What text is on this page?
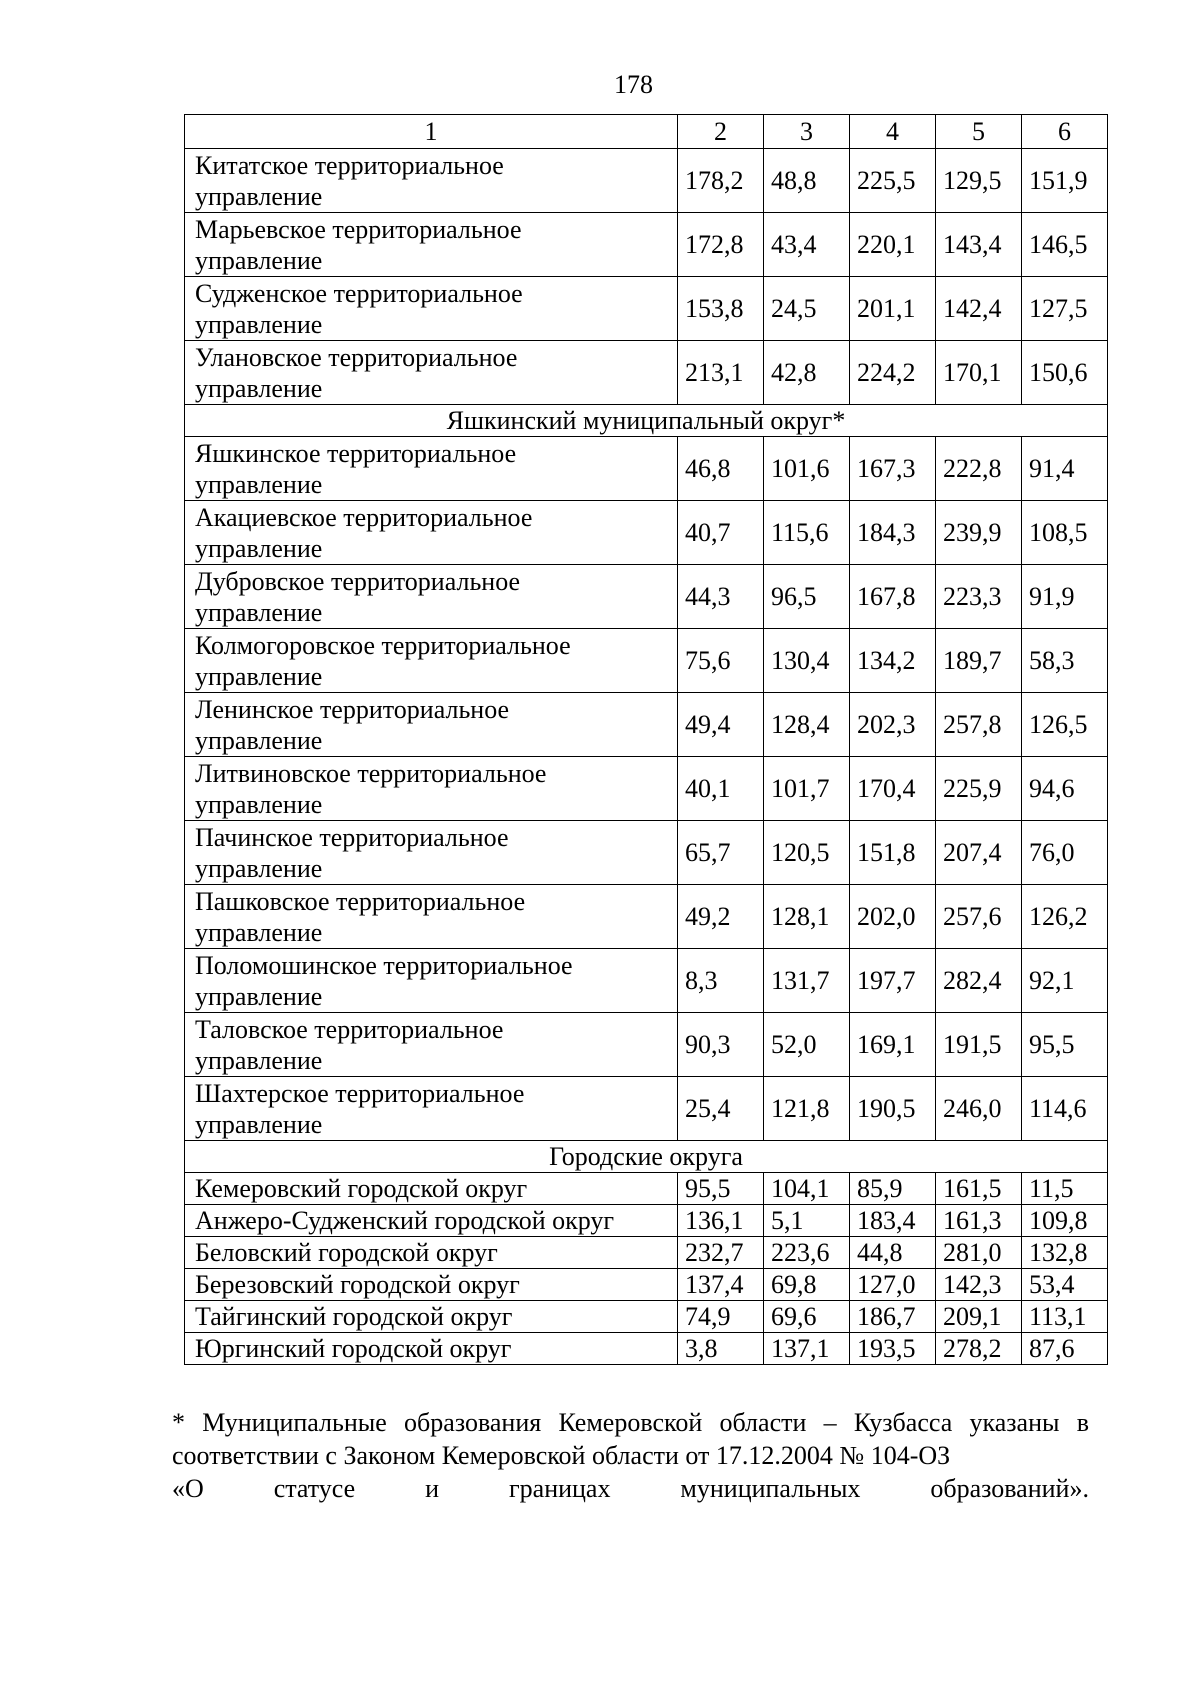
178
1	2	3	4	5	6
Китатское территориальное
управление	178,2	48,8	225,5	129,5	151,9
Марьевское территориальное
управление	172,8	43,4	220,1	143,4	146,5
Судженское территориальное
управление	153,8	24,5	201,1	142,4	127,5
Улановское территориальное
управление	213,1	42,8	224,2	170,1	150,6
Яшкинский муниципальный округ*					
Яшкинское территориальное
управление	46,8	101,6	167,3	222,8	91,4
Акациевское территориальное
управление	40,7	115,6	184,3	239,9	108,5
Дубровское территориальное
управление	44,3	96,5	167,8	223,3	91,9
Колмогоровское территориальное
управление	75,6	130,4	134,2	189,7	58,3
Ленинское территориальное
управление	49,4	128,4	202,3	257,8	126,5
Литвиновское территориальное
управление	40,1	101,7	170,4	225,9	94,6
Пачинское территориальное
управление	65,7	120,5	151,8	207,4	76,0
Пашковское территориальное
управление	49,2	128,1	202,0	257,6	126,2
Поломошинское территориальное
управление	8,3	131,7	197,7	282,4	92,1
Таловское территориальное
управление	90,3	52,0	169,1	191,5	95,5
Шахтерское территориальное
управление	25,4	121,8	190,5	246,0	114,6
Городские округа					
Кемеровский городской округ	95,5	104,1	85,9	161,5	11,5
Анжеро-Судженский городской округ	136,1	5,1	183,4	161,3	109,8
Беловский городской округ	232,7	223,6	44,8	281,0	132,8
Березовский городской округ	137,4	69,8	127,0	142,3	53,4
Тайгинский городской округ	74,9	69,6	186,7	209,1	113,1
Юргинский городской округ	3,8	137,1	193,5	278,2	87,6
* Муниципальные образования Кемеровской области – Кузбасса указаны в соответствии с Законом Кемеровской области от 17.12.2004 № 104-ОЗ
«О	статусе	и	границах	муниципальных	образований».
